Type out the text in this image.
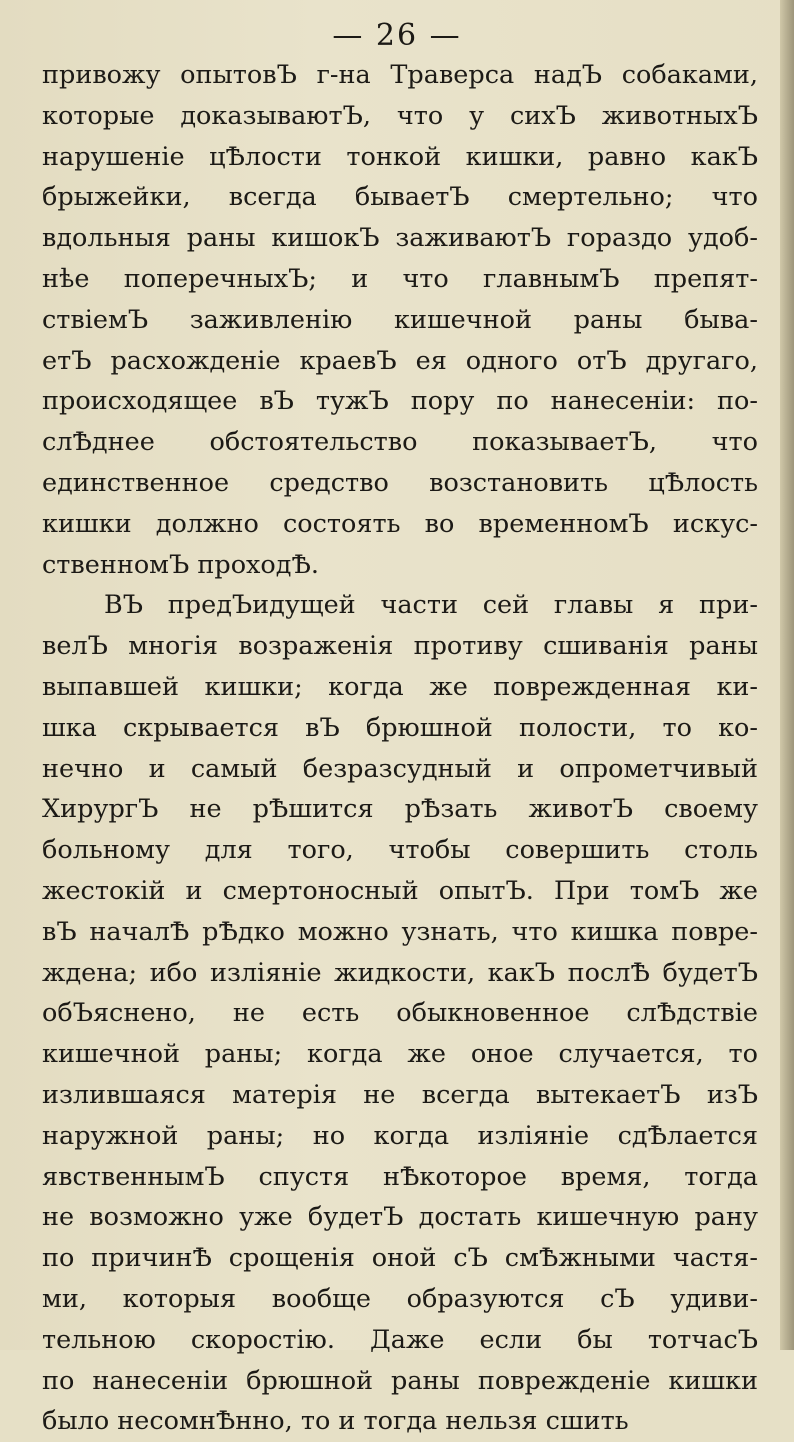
— 26 —
привожу опытовЪ г-на Траверса надЪ собаками,
которые доказываютЪ, что у сихЪ животныхЪ
нарушеніе цѢлости тонкой кишки, равно какЪ
брыжейки, всегда бываетЪ смертельно; что
вдольныя раны кишокЪ заживаютЪ гораздо удоб-
нѣе поперечныхЪ; и что главнымЪ препят-
ствіемЪ заживленію кишечной раны быва-
етЪ расхожденіе краевЪ ея одного отЪ другаго,
происходящее вЪ тужЪ пору по нанесеніи: по-
слѢднее обстоятельство показываетЪ, что
единственное средство возстановить цѢлость
кишки должно состоять во временномЪ искус-
ственномЪ проходѢ.
ВЪ предЪидущей части сей главы я при-
велЪ многія возраженія противу сшиванія раны
выпавшей кишки; когда же поврежденная ки-
шка скрывается вЪ брюшной полости, то ко-
нечно и самый безразсудный и опрометчивый
ХирургЪ не рѢшится рѢзать животЪ своему
больному для того, чтобы совершить столь
жестокій и смертоносный опытЪ. При томЪ же
вЪ началѢ рѢдко можно узнать, что кишка повре-
ждена; ибо изліяніе жидкости, какЪ послѢ будетЪ
обЪяснено, не есть обыкновенное слѢдствіе
кишечной раны; когда же оное случается, то
излившаяся матерія не всегда вытекаетЪ изЪ
наружной раны; но когда изліяніе сдѢлается
явственнымЪ спустя нѢкоторое время, тогда
не возможно уже будетЪ достать кишечную рану
по причинѢ срощенія оной сЪ смѢжными частя-
ми, которыя вообще образуются сЪ удиви-
тельною скоростію. Даже если бы тотчасЪ
по нанесеніи брюшной раны поврежденіе кишки
было несомнѢнно, то и тогда нельзя сшить
